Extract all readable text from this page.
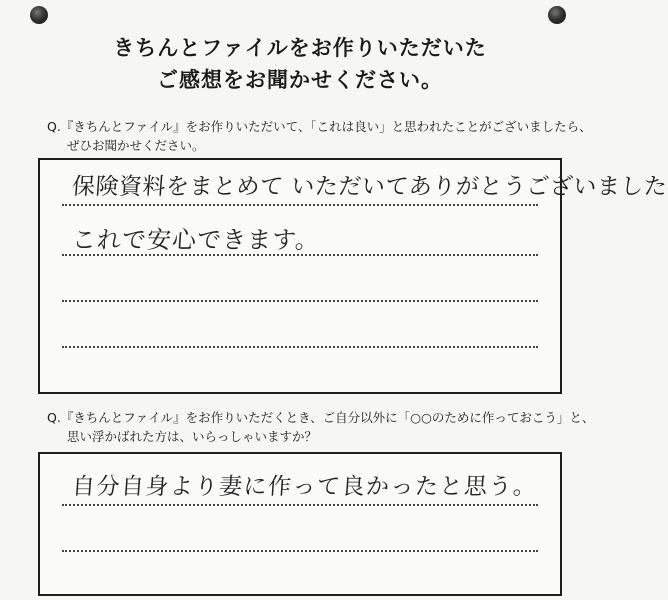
きちんとファイルをお作りいただいた
ご感想をお聞かせください。
Q.『きちんとファイル』をお作りいただいて、「これは良い」と思われたことがございましたら、
ぜひお聞かせください。
保険資料をまとめて いただいてありがとうございました
これで安心できます。
Q.『きちんとファイル』をお作りいただくとき、ご自分以外に「○○のために作っておこう」と、
思い浮かばれた方は、いらっしゃいますか？
自分自身より妻に作って良かったと思う。
